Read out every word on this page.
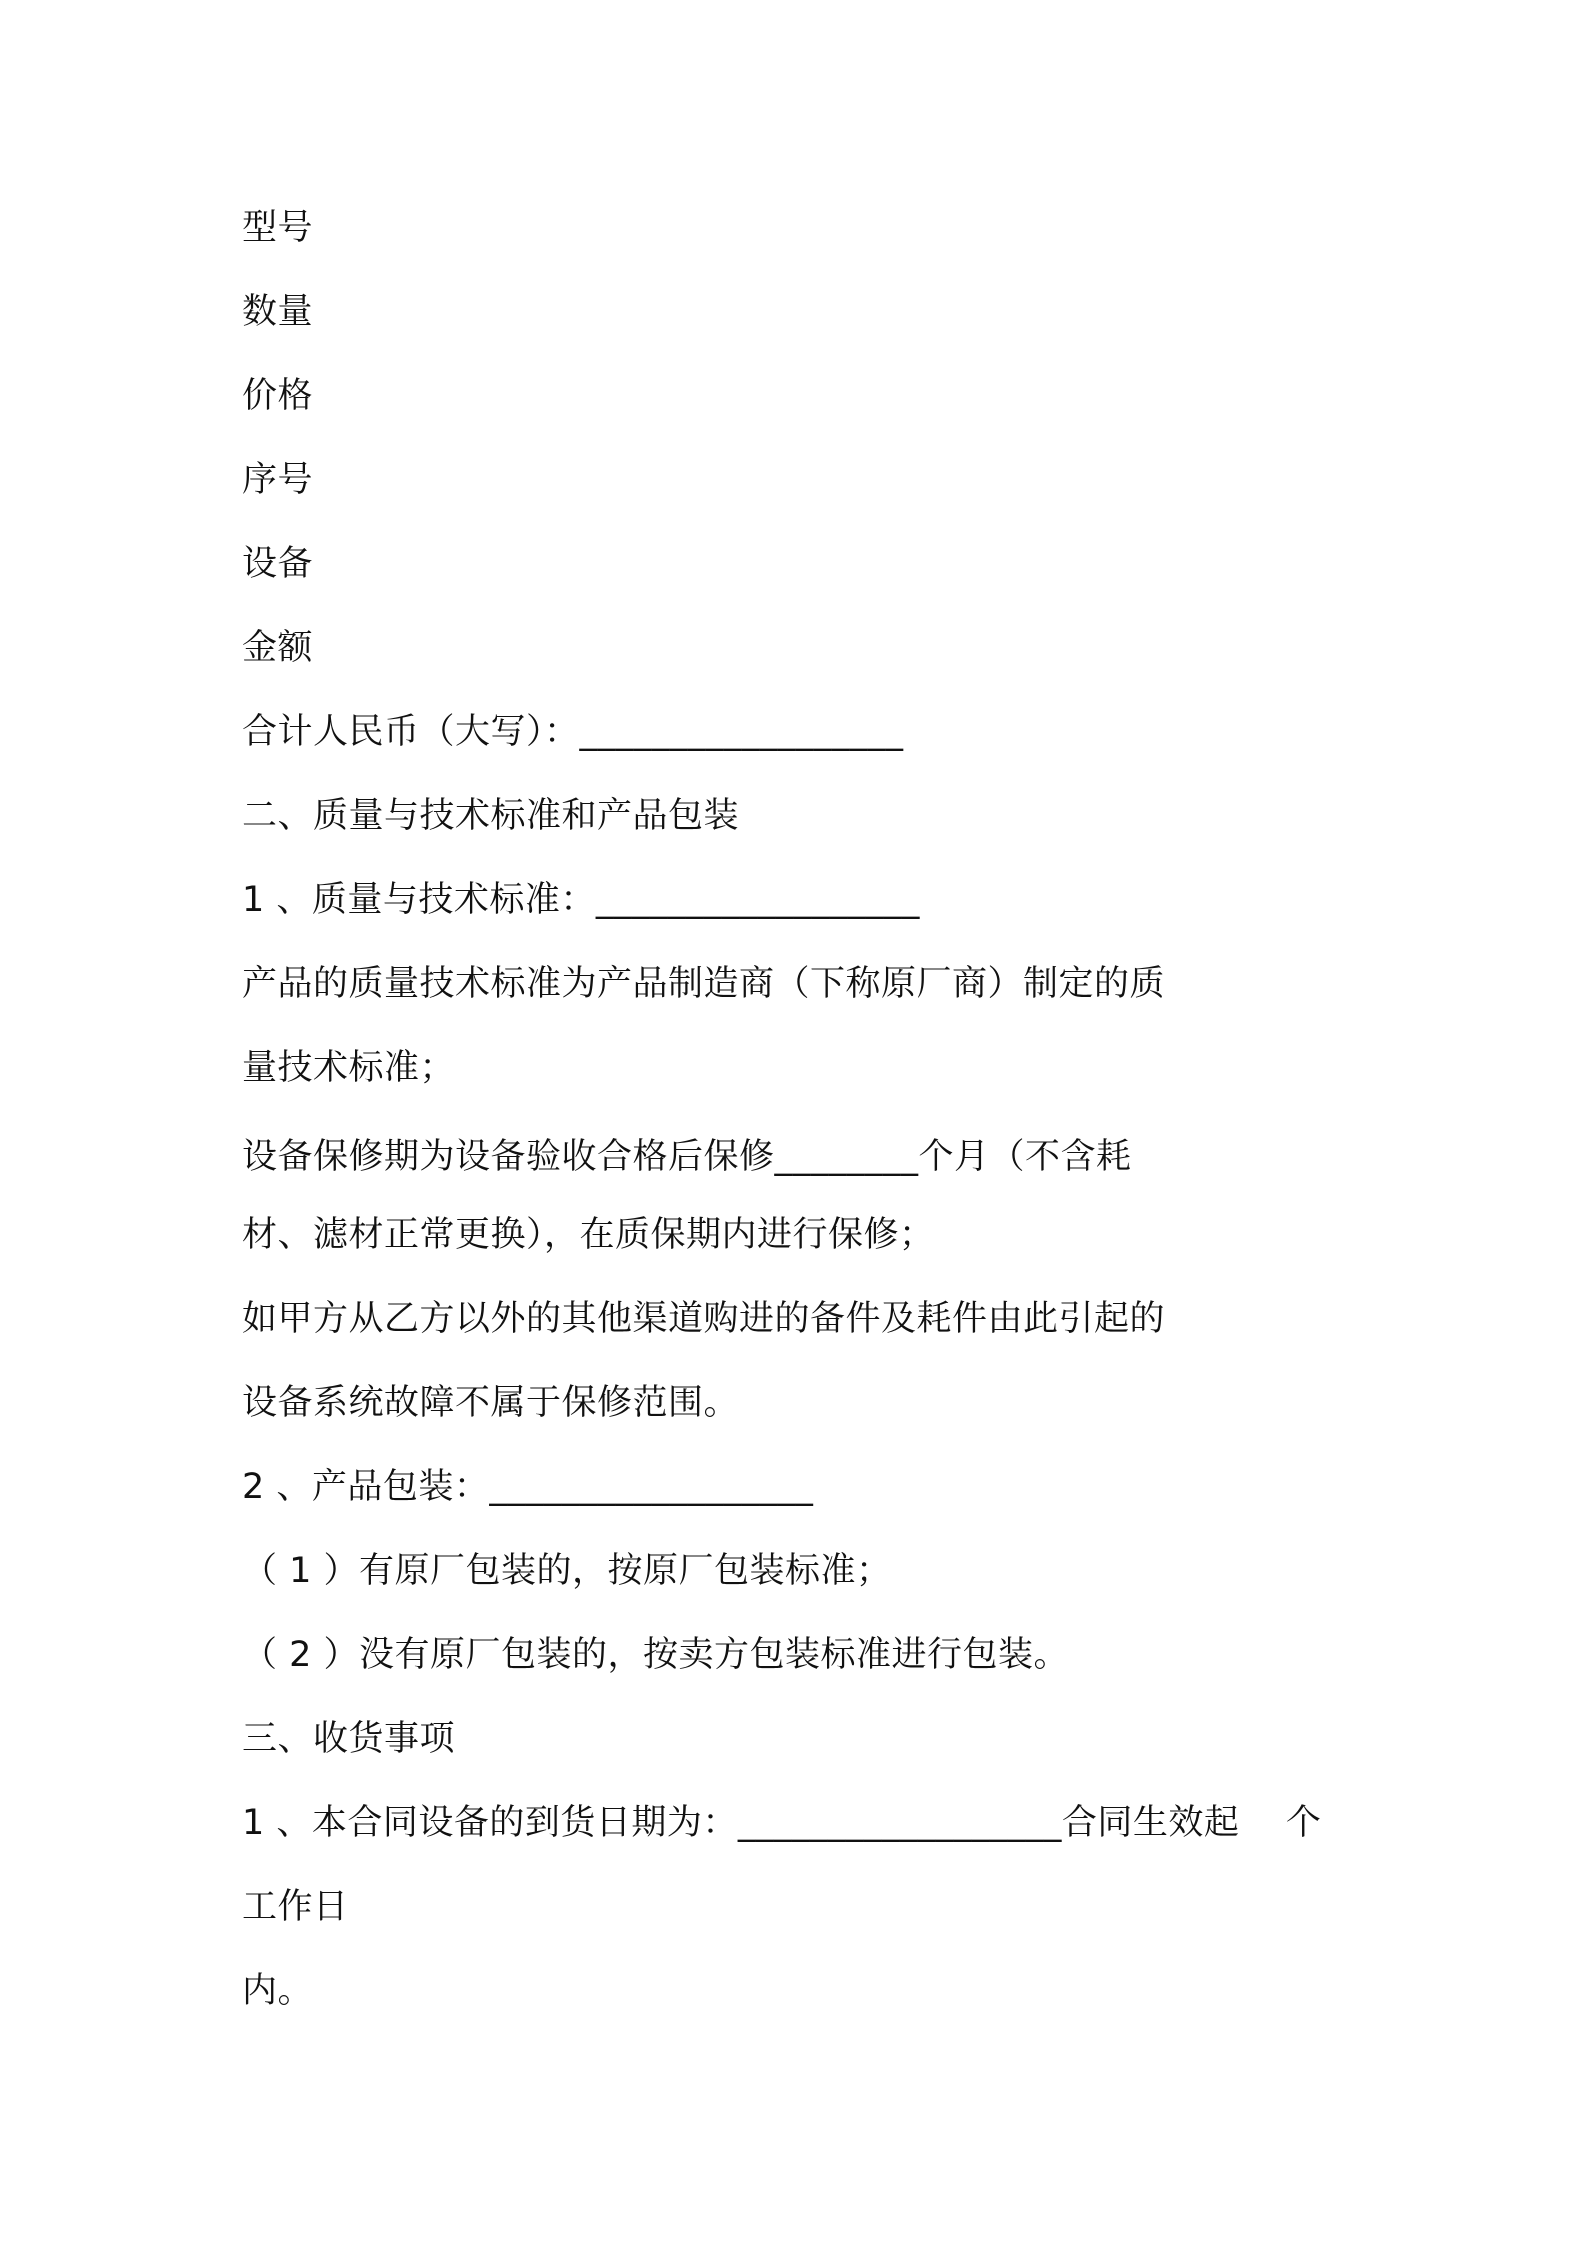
型号
数量
价格
序号
设备
金额
合计人民币（大写）：__________________
二、质量与技术标准和产品包装
1 、质量与技术标准：__________________
产品的质量技术标准为产品制造商（下称原厂商）制定的质
量技术标准；
设备保修期为设备验收合格后保修________个月（不含耗
材、滤材正常更换），在质保期内进行保修；
如甲方从乙方以外的其他渠道购进的备件及耗件由此引起的
设备系统故障不属于保修范围。
2 、产品包装：__________________
（ 1 ）有原厂包装的，按原厂包装标准；
（ 2 ）没有原厂包装的，按卖方包装标准进行包装。
三、收货事项
1 、本合同设备的到货日期为：__________________合同生效起    个
工作日
内。
